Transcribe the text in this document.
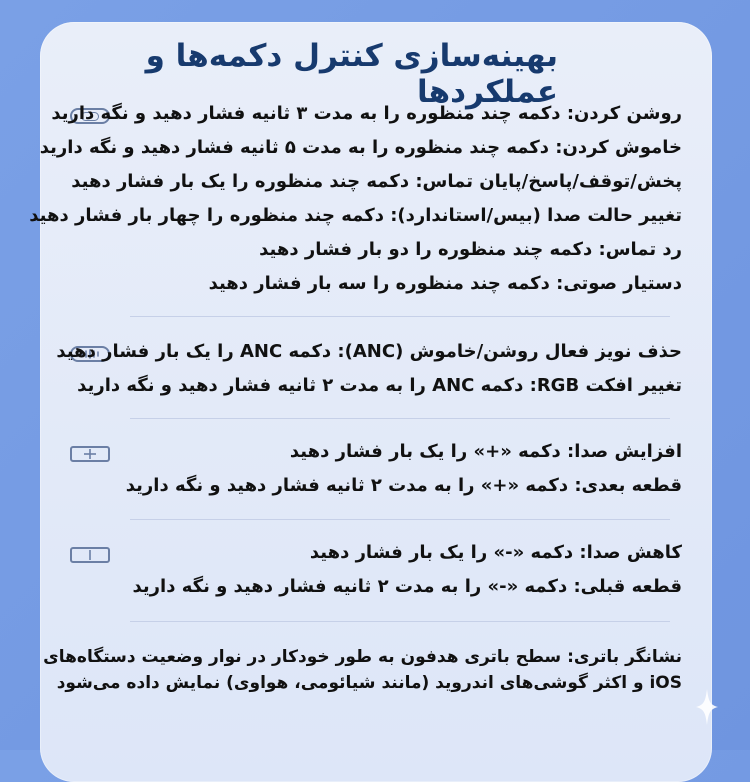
بهینه‌سازی کنترل دکمه‌ها و عملکردها
روشن کردن: دکمه چند منظوره را به مدت ۳ ثانیه فشار دهید و نگه دارید
خاموش کردن: دکمه چند منظوره را به مدت ۵ ثانیه فشار دهید و نگه دارید
پخش/توقف/پاسخ/پایان تماس: دکمه چند منظوره را یک بار فشار دهید
تغییر حالت صدا (بیس/استاندارد): دکمه چند منظوره را چهار بار فشار دهید
رد تماس: دکمه چند منظوره را دو بار فشار دهید
دستیار صوتی: دکمه چند منظوره را سه بار فشار دهید
حذف نویز فعال روشن/خاموش (ANC): دکمه ANC را یک بار فشار دهید
تغییر افکت RGB: دکمه ANC را به مدت ۲ ثانیه فشار دهید و نگه دارید
افزایش صدا: دکمه «+» را یک بار فشار دهید
قطعه بعدی: دکمه «+» را به مدت ۲ ثانیه فشار دهید و نگه دارید
کاهش صدا: دکمه «-» را یک بار فشار دهید
قطعه قبلی: دکمه «-» را به مدت ۲ ثانیه فشار دهید و نگه دارید
نشانگر باتری: سطح باتری هدفون به طور خودکار در نوار وضعیت دستگاه‌های
iOS و اکثر گوشی‌های اندروید (مانند شیائومی، هواوی) نمایش داده می‌شود
